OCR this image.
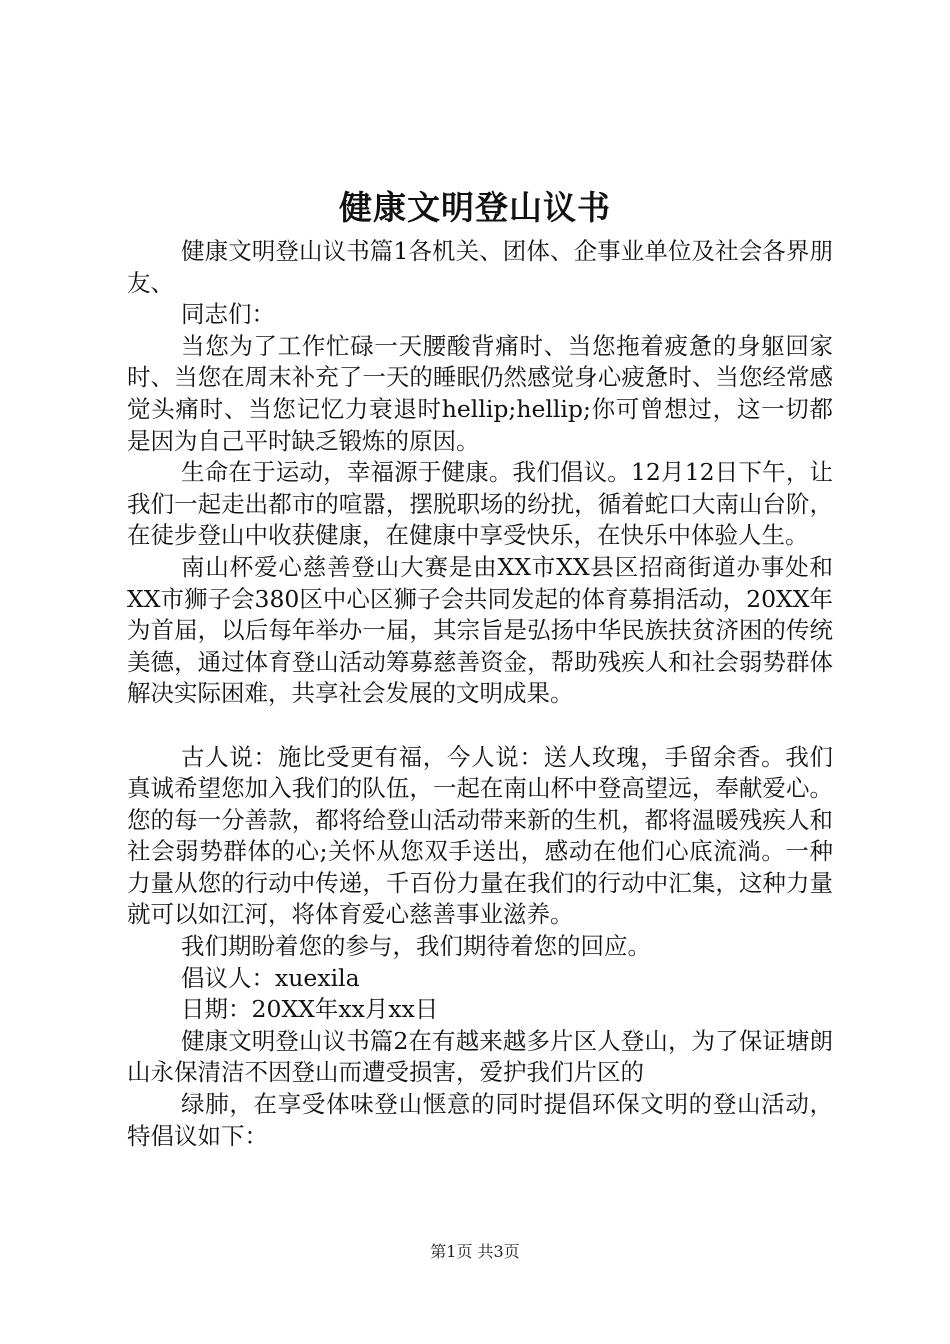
健康文明登山议书

健康文明登山议书篇1各机关、团体、企事业单位及社会各界朋友、

同志们：

当您为了工作忙碌一天腰酸背痛时、当您拖着疲惫的身躯回家时、当您在周末补充了一天的睡眠仍然感觉身心疲惫时、当您经常感觉头痛时、当您记忆力衰退时hellip;hellip;你可曾想过，这一切都是因为自己平时缺乏锻炼的原因。

生命在于运动，幸福源于健康。我们倡议。12月12日下午，让我们一起走出都市的喧嚣，摆脱职场的纷扰，循着蛇口大南山台阶，在徒步登山中收获健康，在健康中享受快乐，在快乐中体验人生。

南山杯爱心慈善登山大赛是由XX市XX县区招商街道办事处和XX市狮子会380区中心区狮子会共同发起的体育募捐活动，20XX年为首届，以后每年举办一届，其宗旨是弘扬中华民族扶贫济困的传统美德，通过体育登山活动筹募慈善资金，帮助残疾人和社会弱势群体解决实际困难，共享社会发展的文明成果。

古人说：施比受更有福，今人说：送人玫瑰，手留余香。我们真诚希望您加入我们的队伍，一起在南山杯中登高望远，奉献爱心。您的每一分善款，都将给登山活动带来新的生机，都将温暖残疾人和社会弱势群体的心;关怀从您双手送出，感动在他们心底流淌。一种力量从您的行动中传递，千百份力量在我们的行动中汇集，这种力量就可以如江河，将体育爱心慈善事业滋养。

我们期盼着您的参与，我们期待着您的回应。

倡议人：xuexila

日期：20XX年xx月xx日

健康文明登山议书篇2在有越来越多片区人登山，为了保证塘朗山永保清洁不因登山而遭受损害，爱护我们片区的

绿肺，在享受体味登山惬意的同时提倡环保文明的登山活动，特倡议如下：

第1页 共3页
